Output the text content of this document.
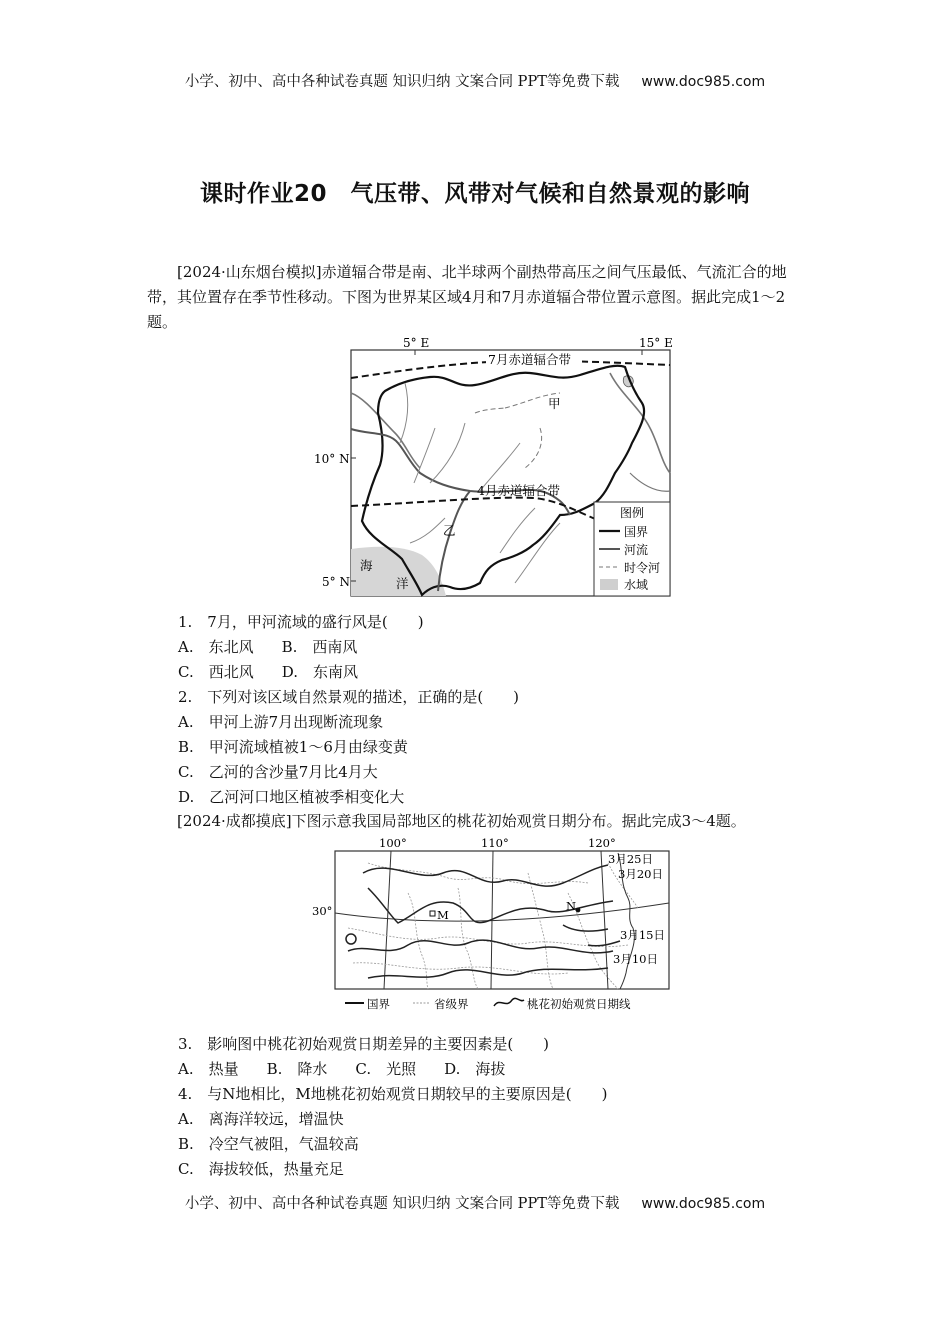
小学、初中、高中各种试卷真题 知识归纳 文案合同 PPT等免费下载 www.doc985.com
课时作业20　气压带、风带对气候和自然景观的影响
[2024·山东烟台模拟]赤道辐合带是南、北半球两个副热带高压之间气压最低、气流汇合的地带，其位置存在季节性移动。下图为世界某区域4月和7月赤道辐合带位置示意图。据此完成1～2题。
5° E	15° E
10° N
5° N
7月赤道辐合带
4月赤道辐合带
甲
乙
海
洋
图例
国界
河流
时令河
水域
1.　7月，甲河流域的盛行风是(　　)
A.　东北风 B.　西南风
C.　西北风 D.　东南风
2.　下列对该区域自然景观的描述，正确的是(　　)
A.　甲河上游7月出现断流现象
B.　甲河流域植被1～6月由绿变黄
C.　乙河的含沙量7月比4月大
D.　乙河河口地区植被季相变化大
[2024·成都摸底]下图示意我国局部地区的桃花初始观赏日期分布。据此完成3～4题。
100°	110°	120°
30°	M
N
3月25日
3月20日
3月15日
3月10日
国界	省级界	桃花初始观赏日期线
3.　影响图中桃花初始观赏日期差异的主要因素是(　　)
A.　热量 B.　降水 C.　光照 D.　海拔
4.　与N地相比，M地桃花初始观赏日期较早的主要原因是(　　)
A.　离海洋较远，增温快
B.　冷空气被阻，气温较高
C.　海拔较低，热量充足
小学、初中、高中各种试卷真题 知识归纳 文案合同 PPT等免费下载 www.doc985.com
